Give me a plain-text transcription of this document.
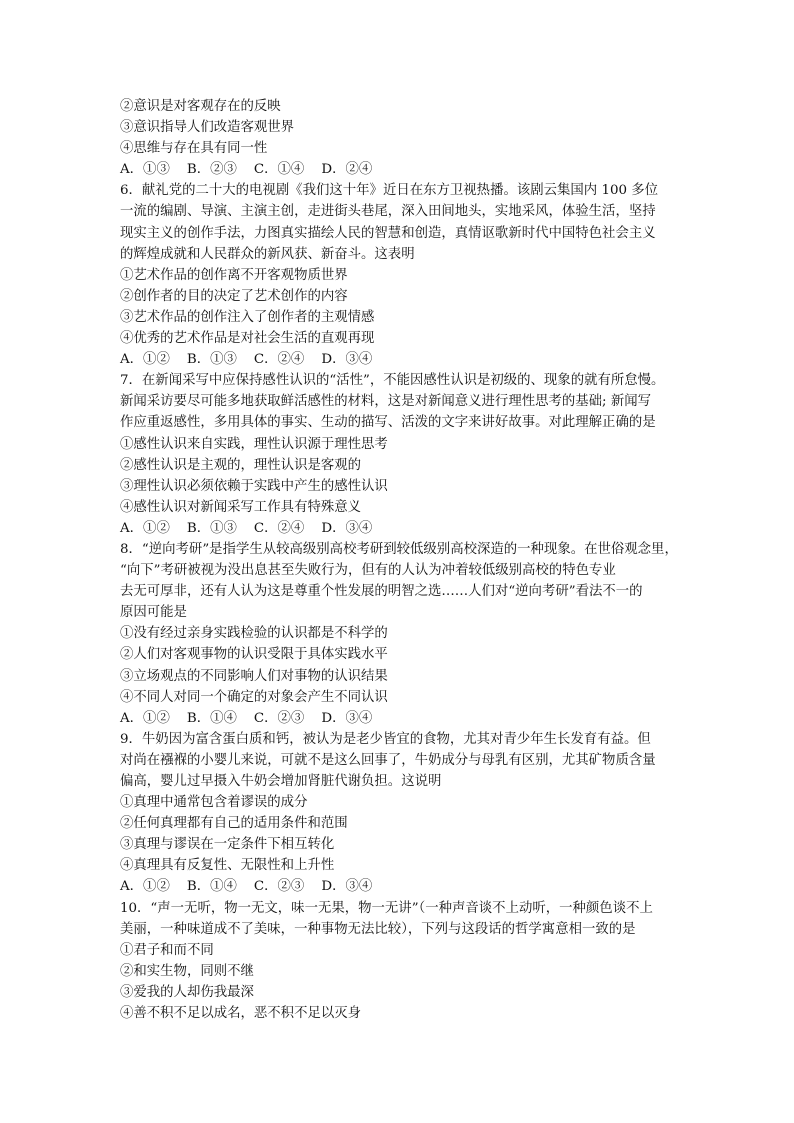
②意识是对客观存在的反映
③意识指导人们改造客观世界
④思维与存在具有同一性
A．①③    B．②③    C．①④    D．②④
6．献礼党的二十大的电视剧《我们这十年》近日在东方卫视热播。该剧云集国内 100 多位
一流的编剧、导演、主演主创，走进街头巷尾，深入田间地头，实地采风，体验生活，坚持
现实主义的创作手法，力图真实描绘人民的智慧和创造，真情讴歌新时代中国特色社会主义
的辉煌成就和人民群众的新风获、新奋斗。这表明
①艺术作品的创作离不开客观物质世界
②创作者的目的决定了艺术创作的内容
③艺术作品的创作注入了创作者的主观情感
④优秀的艺术作品是对社会生活的直观再现
A．①②    B．①③    C．②④    D．③④
7．在新闻采写中应保持感性认识的“活性”，不能因感性认识是初级的、现象的就有所怠慢。
新闻采访要尽可能多地获取鲜活感性的材料，这是对新闻意义进行理性思考的基础; 新闻写
作应重返感性，多用具体的事实、生动的描写、活泼的文字来讲好故事。对此理解正确的是
①感性认识来自实践，理性认识源于理性思考
②感性认识是主观的，理性认识是客观的
③理性认识必须依赖于实践中产生的感性认识
④感性认识对新闻采写工作具有特殊意义
A．①②    B．①③    C．②④    D．③④
8．“逆向考研”是指学生从较高级别高校考研到较低级别高校深造的一种现象。在世俗观念里，
“向下”考研被视为没出息甚至失败行为，但有的人认为冲着较低级别高校的特色专业
去无可厚非，还有人认为这是尊重个性发展的明智之选……人们对“逆向考研”看法不一的
原因可能是
①没有经过亲身实践检验的认识都是不科学的
②人们对客观事物的认识受限于具体实践水平
③立场观点的不同影响人们对事物的认识结果
④不同人对同一个确定的对象会产生不同认识
A．①②    B．①④    C．②③    D．③④
9．牛奶因为富含蛋白质和钙，被认为是老少皆宜的食物，尤其对青少年生长发育有益。但
对尚在襁褓的小婴儿来说，可就不是这么回事了，牛奶成分与母乳有区别，尤其矿物质含量
偏高，婴儿过早摄入牛奶会增加肾脏代谢负担。这说明
①真理中通常包含着谬误的成分
②任何真理都有自己的适用条件和范围
③真理与谬误在一定条件下相互转化
④真理具有反复性、无限性和上升性
A．①②    B．①④    C．②③    D．③④
10．“声一无听，物一无文，味一无果，物一无讲”（一种声音谈不上动听，一种颜色谈不上
美丽，一种味道成不了美味，一种事物无法比较），下列与这段话的哲学寓意相一致的是
①君子和而不同
②和实生物，同则不继
③爱我的人却伤我最深
④善不积不足以成名，恶不积不足以灭身
